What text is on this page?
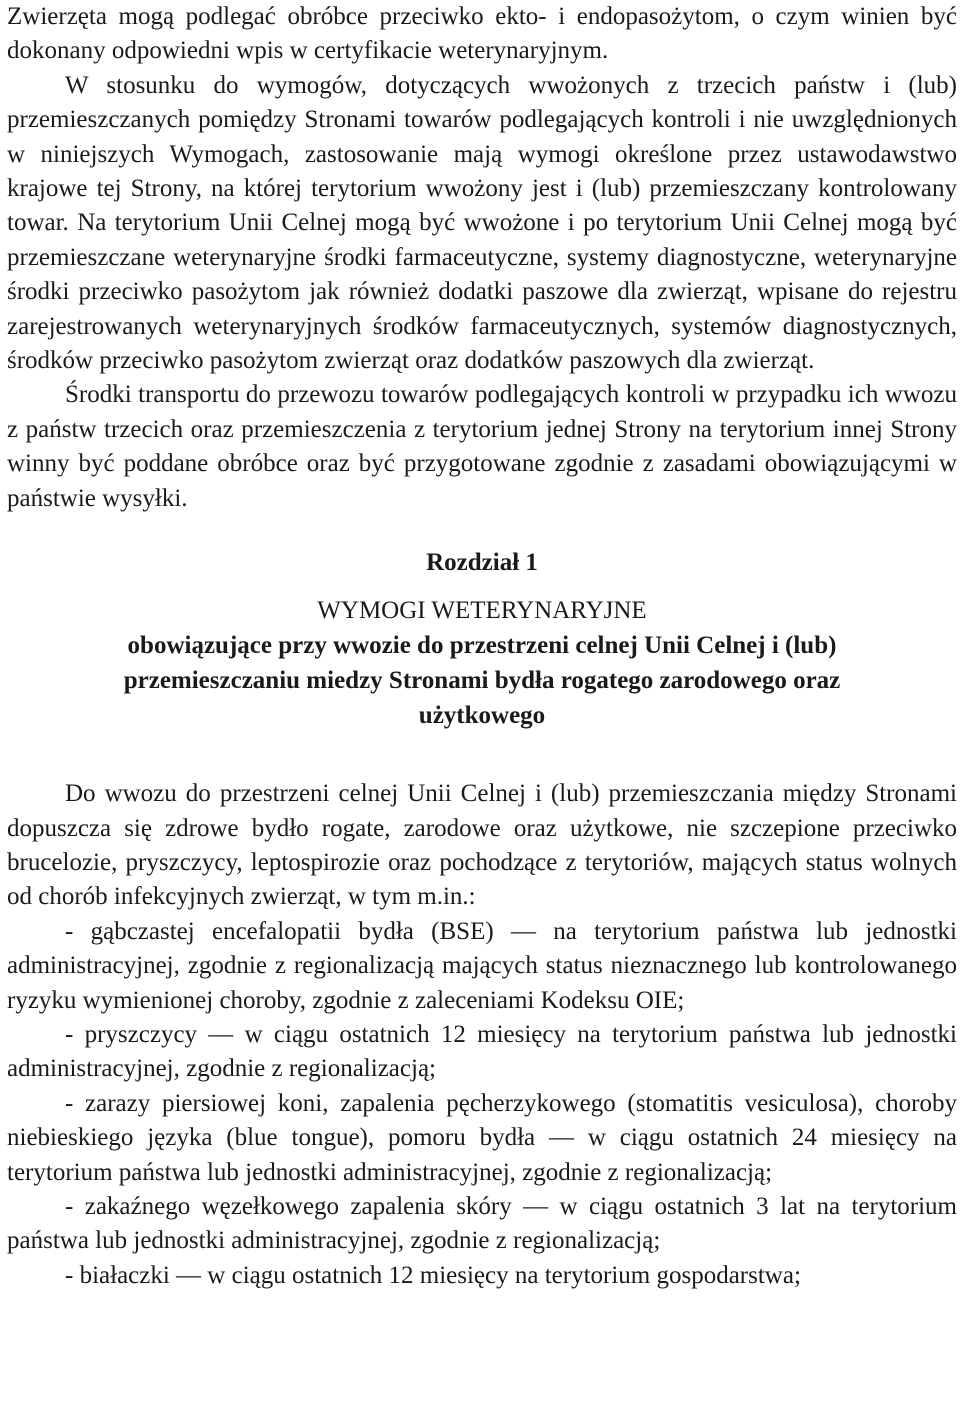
Zwierzęta mogą podlegać obróbce przeciwko ekto- i endopasożytom, o czym winien być dokonany odpowiedni wpis w certyfikacie weterynaryjnym.

W stosunku do wymogów, dotyczących wwożonych z trzecich państw i (lub) przemieszczanych pomiędzy Stronami towarów podlegających kontroli i nie uwzględnionych w niniejszych Wymogach, zastosowanie mają wymogi określone przez ustawodawstwo krajowe tej Strony, na której terytorium wwożony jest i (lub) przemieszczany kontrolowany towar. Na terytorium Unii Celnej mogą być wwożone i po terytorium Unii Celnej mogą być przemieszczane weterynaryjne środki farmaceutyczne, systemy diagnostyczne, weterynaryjne środki przeciwko pasożytom jak również dodatki paszowe dla zwierząt, wpisane do rejestru zarejestrowanych weterynaryjnych środków farmaceutycznych, systemów diagnostycznych, środków przeciwko pasożytom zwierząt oraz dodatków paszowych dla zwierząt.

Środki transportu do przewozu towarów podlegających kontroli w przypadku ich wwozu z państw trzecich oraz przemieszczenia z terytorium jednej Strony na terytorium innej Strony winny być poddane obróbce oraz być przygotowane zgodnie z zasadami obowiązującymi w państwie wysyłki.

Rozdział 1
WYMOGI WETERYNARYJNE
obowiązujące przy wwozie do przestrzeni celnej Unii Celnej i (lub) przemieszczaniu miedzy Stronami bydła rogatego zarodowego oraz użytkowego

Do wwozu do przestrzeni celnej Unii Celnej i (lub) przemieszczania między Stronami dopuszcza się zdrowe bydło rogate, zarodowe oraz użytkowe, nie szczepione przeciwko brucelozie, pryszczycy, leptospirozie oraz pochodzące z terytoriów, mających status wolnych od chorób infekcyjnych zwierząt, w tym m.in.:

- gąbczastej encefalopatii bydła (BSE) — na terytorium państwa lub jednostki administracyjnej, zgodnie z regionalizacją mających status nieznacznego lub kontrolowanego ryzyku wymienionej choroby, zgodnie z zaleceniami Kodeksu OIE;

- pryszczycy — w ciągu ostatnich 12 miesięcy na terytorium państwa lub jednostki administracyjnej, zgodnie z regionalizacją;

- zarazy piersiowej koni, zapalenia pęcherzykowego (stomatitis vesiculosa), choroby niebieskiego języka (blue tongue), pomoru bydła — w ciągu ostatnich 24 miesięcy na terytorium państwa lub jednostki administracyjnej, zgodnie z regionalizacją;

- zakaźnego węzełkowego zapalenia skóry — w ciągu ostatnich 3 lat na terytorium państwa lub jednostki administracyjnej, zgodnie z regionalizacją;

- białaczki — w ciągu ostatnich 12 miesięcy na terytorium gospodarstwa;
